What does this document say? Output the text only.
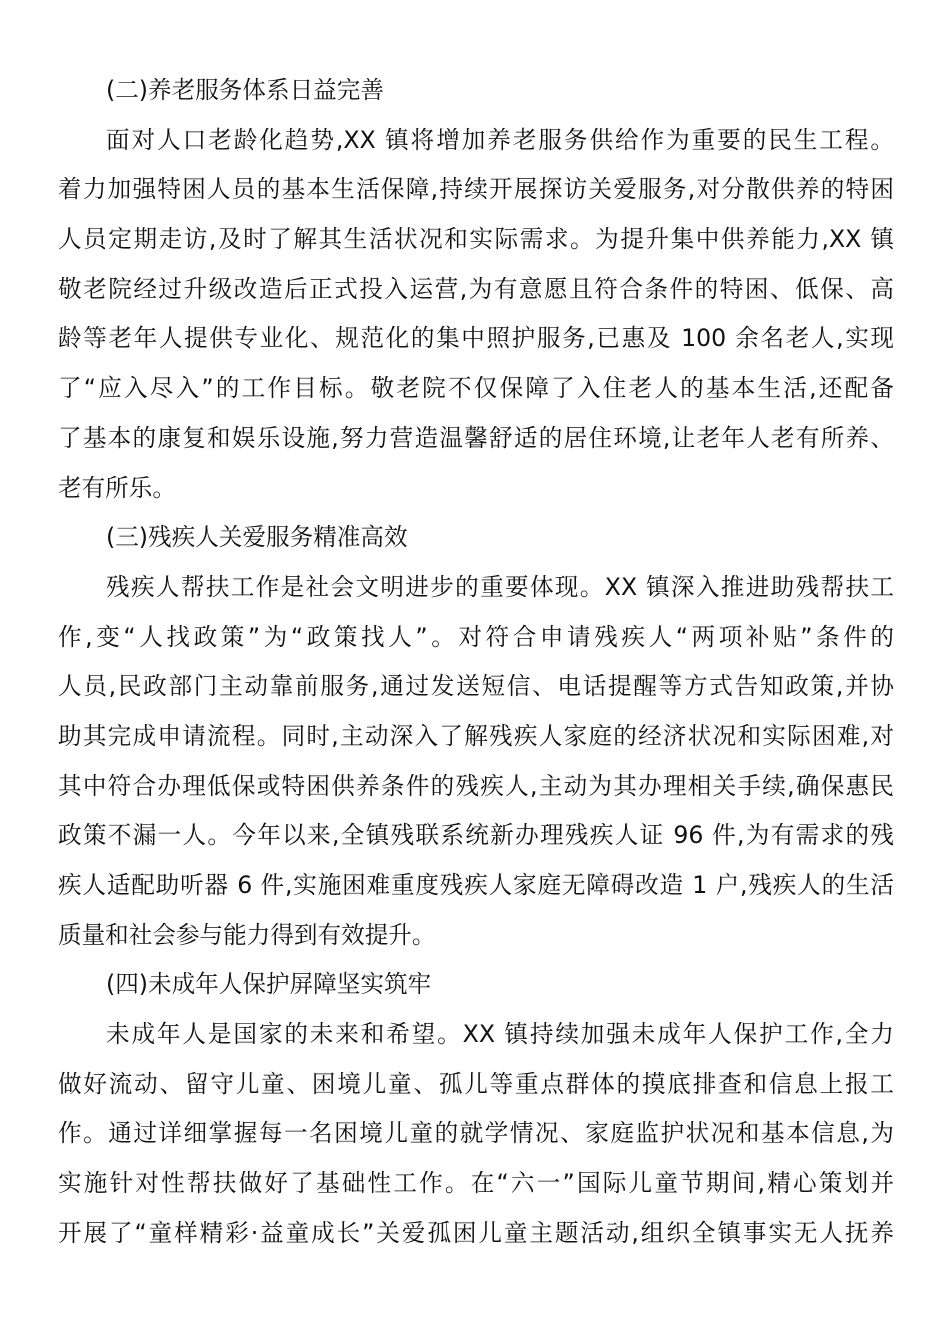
(二)养老服务体系日益完善
面对人口老龄化趋势,XX 镇将增加养老服务供给作为重要的民生工程。
着力加强特困人员的基本生活保障,持续开展探访关爱服务,对分散供养的特困
人员定期走访,及时了解其生活状况和实际需求。为提升集中供养能力,XX 镇
敬老院经过升级改造后正式投入运营,为有意愿且符合条件的特困、低保、高
龄等老年人提供专业化、规范化的集中照护服务,已惠及 100 余名老人,实现
了“应入尽入”的工作目标。敬老院不仅保障了入住老人的基本生活,还配备
了基本的康复和娱乐设施,努力营造温馨舒适的居住环境,让老年人老有所养、
老有所乐。
(三)残疾人关爱服务精准高效
残疾人帮扶工作是社会文明进步的重要体现。XX 镇深入推进助残帮扶工
作,变“人找政策”为“政策找人”。对符合申请残疾人“两项补贴”条件的
人员,民政部门主动靠前服务,通过发送短信、电话提醒等方式告知政策,并协
助其完成申请流程。同时,主动深入了解残疾人家庭的经济状况和实际困难,对
其中符合办理低保或特困供养条件的残疾人,主动为其办理相关手续,确保惠民
政策不漏一人。今年以来,全镇残联系统新办理残疾人证 96 件,为有需求的残
疾人适配助听器 6 件,实施困难重度残疾人家庭无障碍改造 1 户,残疾人的生活
质量和社会参与能力得到有效提升。
(四)未成年人保护屏障坚实筑牢
未成年人是国家的未来和希望。XX 镇持续加强未成年人保护工作,全力
做好流动、留守儿童、困境儿童、孤儿等重点群体的摸底排查和信息上报工
作。通过详细掌握每一名困境儿童的就学情况、家庭监护状况和基本信息,为
实施针对性帮扶做好了基础性工作。在“六一”国际儿童节期间,精心策划并
开展了“童样精彩·益童成长”关爱孤困儿童主题活动,组织全镇事实无人抚养
